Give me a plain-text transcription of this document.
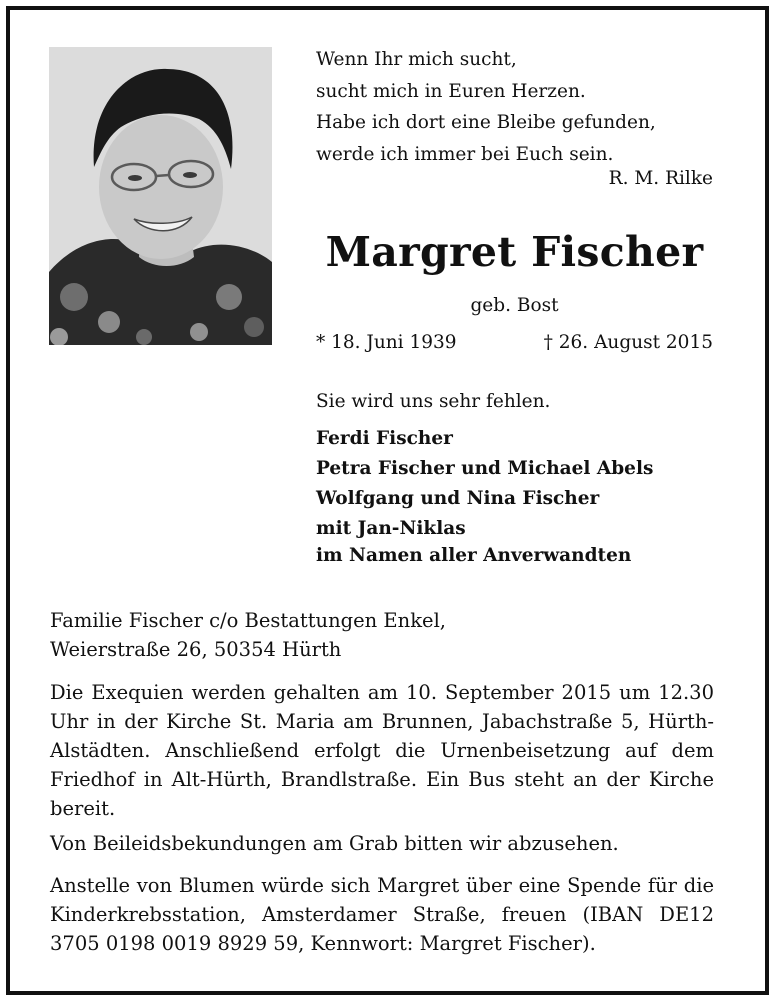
Wenn Ihr mich sucht,
sucht mich in Euren Herzen.
Habe ich dort eine Bleibe gefunden,
werde ich immer bei Euch sein.
R. M. Rilke
Margret Fischer
geb. Bost
* 18. Juni 1939	† 26. August 2015
Sie wird uns sehr fehlen.
Ferdi Fischer
Petra Fischer und Michael Abels
Wolfgang und Nina Fischer
mit Jan-Niklas
im Namen aller Anverwandten
Familie Fischer c/o Bestattungen Enkel,
Weierstraße 26, 50354 Hürth

Die Exequien werden gehalten am 10. September 2015 um 12.30 Uhr in der Kirche St. Maria am Brunnen, Jabachstraße 5, Hürth-Alstädten. Anschließend erfolgt die Urnenbeisetzung auf dem Friedhof in Alt-Hürth, Brandlstraße. Ein Bus steht an der Kirche bereit.

Von Beileidsbekundungen am Grab bitten wir abzusehen.

Anstelle von Blumen würde sich Margret über eine Spende für die Kinderkrebsstation, Amsterdamer Straße, freuen (IBAN DE12 3705 0198 0019 8929 59, Kennwort: Margret Fischer).
